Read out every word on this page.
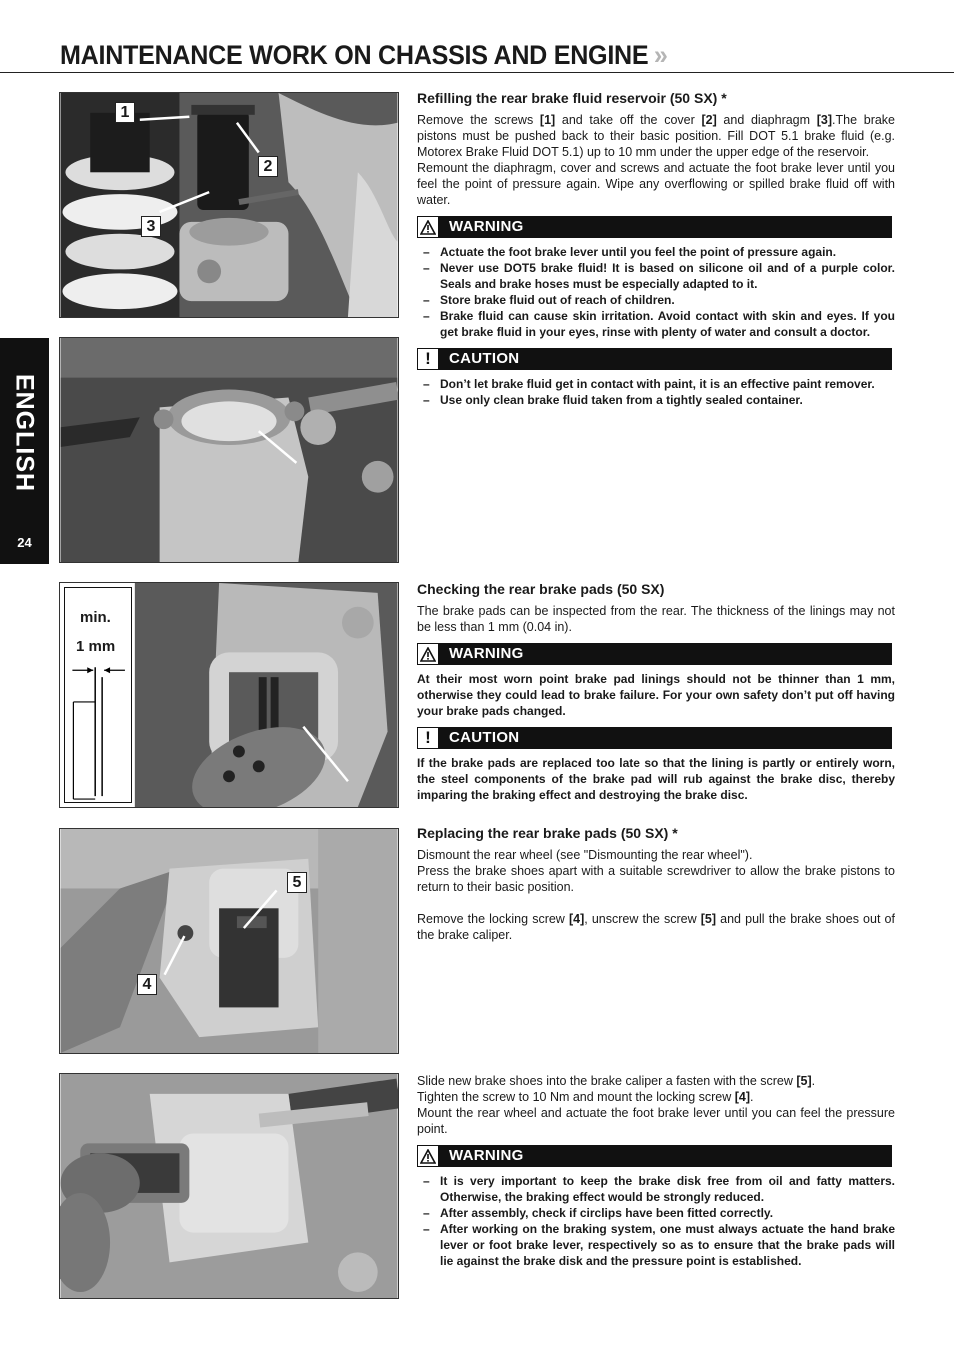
MAINTENANCE WORK ON CHASSIS AND ENGINE »
ENGLISH
24
1
2
3
min.
1 mm
5
4
Refilling the rear brake fluid reservoir (50 SX) *

Remove the screws [1] and take off the cover [2] and diaphragm [3].The brake pistons must be pushed back to their basic position. Fill DOT 5.1 brake fluid (e.g. Motorex Brake Fluid DOT 5.1) up to 10 mm under the upper edge of the reservoir.

Remount the diaphragm, cover and screws and actuate the foot brake lever until you feel the point of pressure again. Wipe any overflowing or spilled brake fluid off with water.

WARNING
– Actuate the foot brake lever until you feel the point of pressure again.
– Never use DOT5 brake fluid! It is based on silicone oil and of a purple color. Seals and brake hoses must be especially adapted to it.
– Store brake fluid out of reach of children.
– Brake fluid can cause skin irritation. Avoid contact with skin and eyes. If you get brake fluid in your eyes, rinse with plenty of water and consult a doctor.
!	CAUTION
– Don’t let brake fluid get in contact with paint, it is an effective paint remover.
– Use only clean brake fluid taken from a tightly sealed container.
Checking the rear brake pads (50 SX)

The brake pads can be inspected from the rear. The thickness of the linings may not be less than 1 mm (0.04 in).

WARNING

At their most worn point brake pad linings should not be thinner than 1 mm, otherwise they could lead to brake failure. For your own safety don’t put off having your brake pads changed.

!	CAUTION

If the brake pads are replaced too late so that the lining is partly or entirely worn, the steel components of the brake pad will rub against the brake disc, thereby imparing the braking effect and destroying the brake disc.

Replacing the rear brake pads (50 SX) *

Dismount the rear wheel (see "Dismounting the rear wheel").

Press the brake shoes apart with a suitable screwdriver to allow the brake pistons to return to their basic position.

Remove the locking screw [4], unscrew the screw [5] and pull the brake shoes out of the brake caliper.

Slide new brake shoes into the brake caliper a fasten with the screw [5].

Tighten the screw to 10 Nm and mount the locking screw [4].

Mount the rear wheel and actuate the foot brake lever until you can feel the pressure point.

WARNING
– It is very important to keep the brake disk free from oil and fatty matters. Otherwise, the braking effect would be strongly reduced.
– After assembly, check if circlips have been fitted correctly.
– After working on the braking system, one must always actuate the hand brake lever or foot brake lever, respectively so as to ensure that the brake pads will lie against the brake disk and the pressure point is established.
